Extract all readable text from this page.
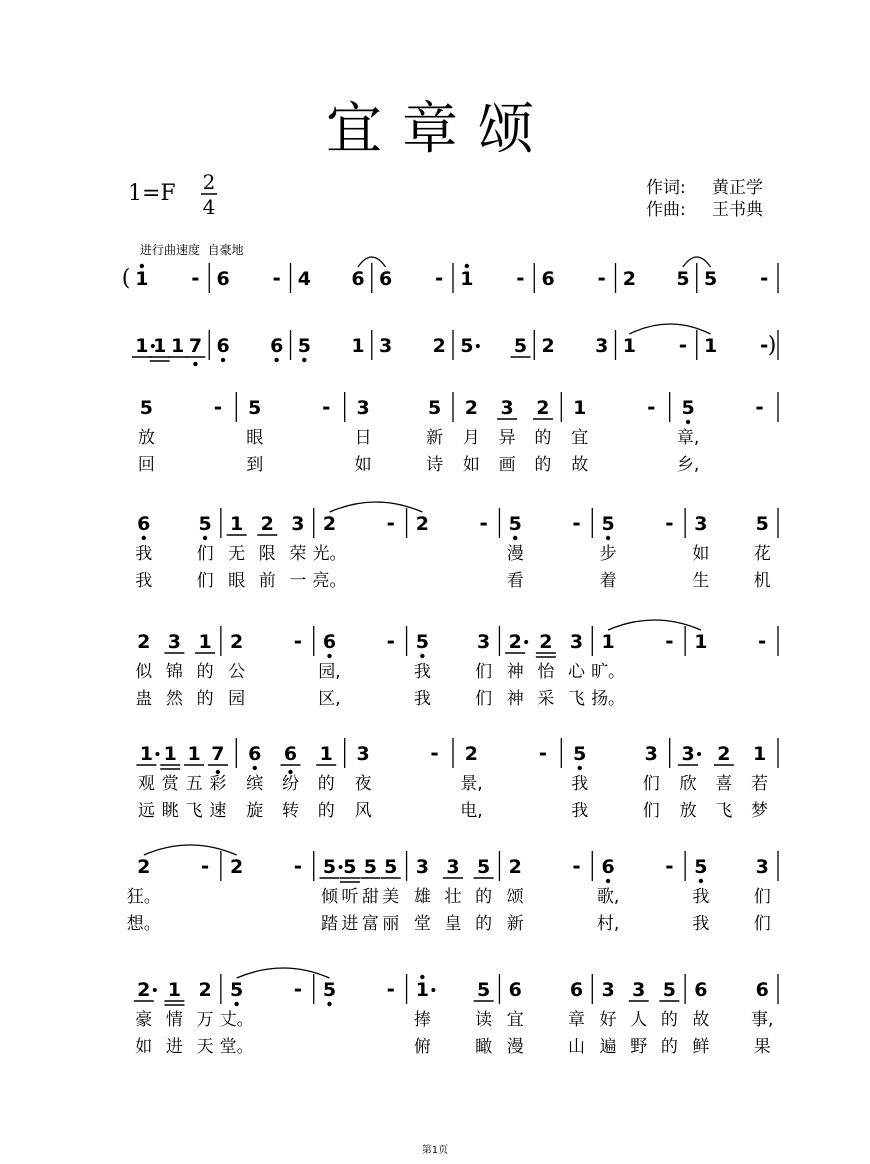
宜章颂
1=F 2
4
作词: 黄正学
作曲: 王书典
进行曲速度  自豪地
( 1 - 6 - 4 6 6 - 1 - 6 - 2 5 5 -
1 1 1 7 6 6 5 1 3 2 5 5 2 3 1 - 1 - )
5	-
放
回
5	-
眼
到
3	5
日	新
如	诗
2 3 2
月 异 的
如 画 的
1	-
宜
故
5	-
章,
乡,
6	5
我	们
我	们
1 2 3
无 限 荣
眼 前 一
2	-
光。
亮。
2	- 5	-
漫
看
5	-
步
着
3	5
如	花
生	机
2 3 1
似 锦 的
蛊 然 的
2	-
公
园
6	-
园,
区,
5	3
我	们
我	们
2 2 3
神 怡 心
神 采 飞
1	-
旷。
扬。
1	-
1 1 1 7
观 赏 五 彩
远 眺 飞 速
6 6 1
缤 纷 的
旋 转 的
3	-
夜
风
2	-
景,
电,
5	3
我	们
我	们
3 2 1
欣 喜 若
放 飞 梦
2	-
狂。
想。
2	- 5 5 5 5
倾 听 甜 美
踏 进 富 丽
3 3 5
雄 壮 的
堂 皇 的
2	-
颂
新
6	-
歌,
村,
5	3
我	们
我	们
2 1 2
豪 情 万
如 进 天
5	-
丈。
堂。
5	- 1	5
捧	读
俯	瞰
6	6
宜	章
漫	山
3 3 5
好 人 的
遍 野 的
6	6
故 事,
鲜	果
第1页
